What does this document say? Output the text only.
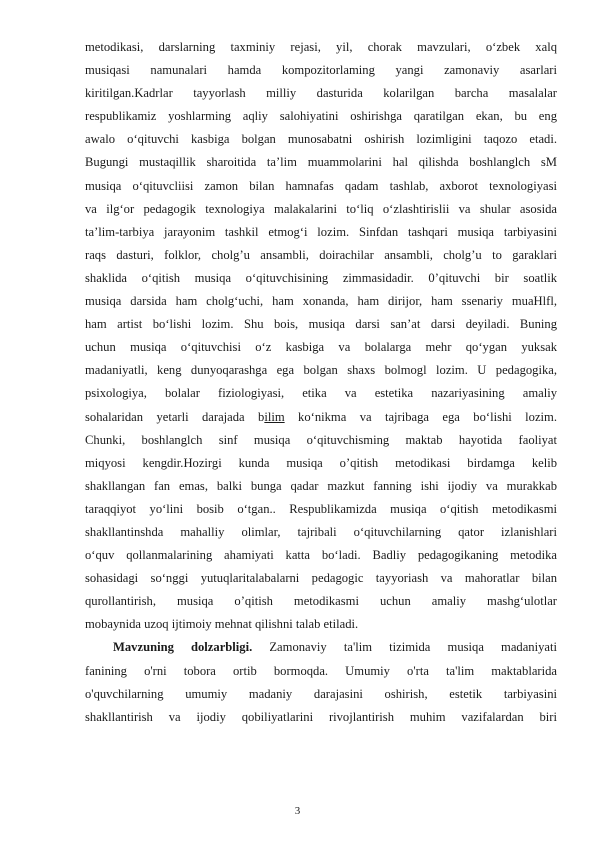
metodikasi, darslarning taxminiy rejasi, yil, chorak mavzulari, o‘zbek xalq
musiqasi namunalari hamda kompozitorlaming yangi zamonaviy asarlari
kiritilgan.Kadrlar tayyorlash milliy dasturida kolarilgan barcha masalalar
respublikamiz yoshlarming aqliy salohiyatini oshirishga qaratilgan ekan, bu eng
awalo o‘qituvchi kasbiga bolgan munosabatni oshirish lozimligini taqozo etadi.
Bugungi mustaqillik sharoitida ta’lim muammolarini hal qilishda boshlanglch sM
musiqa o‘qituvcliisi zamon bilan hamnafas qadam tashlab, axborot texnologiyasi
va ilg‘or pedagogik texnologiya malakalarini to‘liq o‘zlashtirislii va shular asosida
ta’lim-tarbiya jarayonim tashkil etmog‘i lozim. Sinfdan tashqari musiqa tarbiyasini
raqs dasturi, folklor, cholg’u ansambli, doirachilar ansambli, cholg’u to garaklari
shaklida o‘qitish musiqa o‘qituvchisining zimmasidadir. 0’qituvchi bir soatlik
musiqa darsida ham cholg‘uchi, ham xonanda, ham dirijor, ham ssenariy muaHlfl,
ham artist bo‘lishi lozim. Shu bois, musiqa darsi san’at darsi deyiladi. Buning
uchun musiqa o‘qituvchisi o‘z kasbiga va bolalarga mehr qo‘ygan yuksak
madaniyatli, keng dunyoqarashga ega bolgan shaxs bolmogl lozim. U pedagogika,
psixologiya, bolalar fiziologiyasi, etika va estetika nazariyasining amaliy
sohalaridan yetarli darajada bilim ko‘nikma va tajribaga ega bo‘lishi lozim.
Chunki, boshlanglch sinf musiqa o‘qituvchisming maktab hayotida faoliyat
miqyosi kengdir.Hozirgi kunda musiqa o’qitish metodikasi birdamga kelib
shakllangan fan emas, balki bunga qadar mazkut fanning ishi ijodiy va murakkab
taraqqiyot yo‘lini bosib o‘tgan.. Respublikamizda musiqa o‘qitish metodikasmi
shakllantinshda mahalliy olimlar, tajribali o‘qituvchilarning qator izlanishlari
o‘quv qollanmalarining ahamiyati katta bo‘ladi. Badliy pedagogikaning metodika
sohasidagi so‘nggi yutuqlaritalabalarni pedagogic tayyoriash va mahoratlar bilan
qurollantirish, musiqa o’qitish metodikasmi uchun amaliy mashg‘ulotlar
mobaynida uzoq ijtimoiy mehnat qilishni talab etiladi.
Mavzuning dolzarbligi. Zamonaviy ta'lim tizimida musiqa madaniyati
fanining o'rni tobora ortib bormoqda. Umumiy o'rta ta'lim maktablarida
o'quvchilarning umumiy madaniy darajasini oshirish, estetik tarbiyasini
shakllantirish va ijodiy qobiliyatlarini rivojlantirish muhim vazifalardan biri
3
